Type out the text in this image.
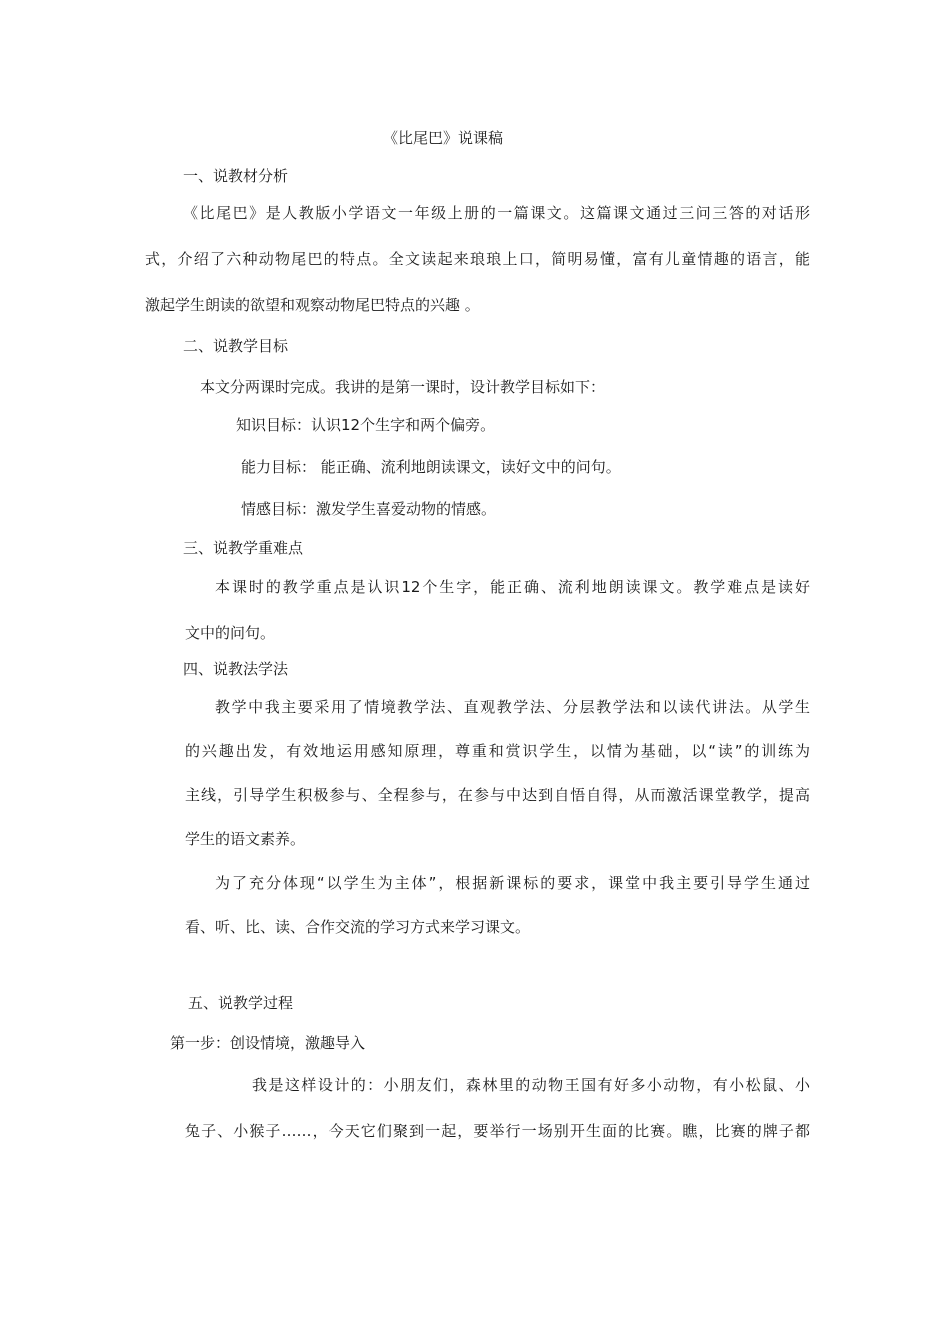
《比尾巴》说课稿
一、说教材分析
《比尾巴》是人教版小学语文一年级上册的一篇课文。这篇课文通过三问三答的对话形
式，介绍了六种动物尾巴的特点。全文读起来琅琅上口，简明易懂，富有儿童情趣的语言，能
激起学生朗读的欲望和观察动物尾巴特点的兴趣 。
二、说教学目标
本文分两课时完成。我讲的是第一课时，设计教学目标如下：
知识目标：认识12个生字和两个偏旁。
能力目标： 能正确、流利地朗读课文，读好文中的问句。
情感目标：激发学生喜爱动物的情感。
三、说教学重难点
本课时的教学重点是认识12个生字，能正确、流利地朗读课文。教学难点是读好
文中的问句。
四、说教法学法
教学中我主要采用了情境教学法、直观教学法、分层教学法和以读代讲法。从学生
的兴趣出发，有效地运用感知原理，尊重和赏识学生，以情为基础，以“读”的训练为
主线，引导学生积极参与、全程参与，在参与中达到自悟自得，从而激活课堂教学，提高
学生的语文素养。
为了充分体现“以学生为主体”，根据新课标的要求，课堂中我主要引导学生通过
看、听、比、读、合作交流的学习方式来学习课文。
五、说教学过程
第一步：创设情境，激趣导入
我是这样设计的：小朋友们，森林里的动物王国有好多小动物，有小松鼠、小
兔子、小猴子……，今天它们聚到一起，要举行一场别开生面的比赛。瞧，比赛的牌子都
